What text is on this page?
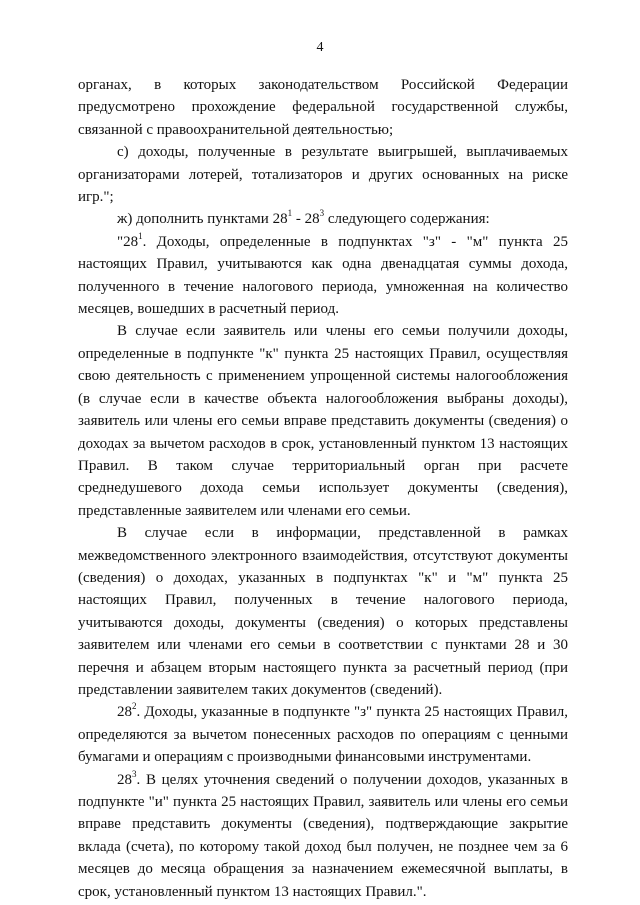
4

органах, в которых законодательством Российской Федерации предусмотрено прохождение федеральной государственной службы, связанной с правоохранительной деятельностью;

с) доходы, полученные в результате выигрышей, выплачиваемых организаторами лотерей, тотализаторов и других основанных на риске игр.";

ж) дополнить пунктами $28^1 - 28^3$ следующего содержания:

"$28^1$. Доходы, определенные в подпунктах "з" - "м" пункта 25 настоящих Правил, учитываются как одна двенадцатая суммы дохода, полученного в течение налогового периода, умноженная на количество месяцев, вошедших в расчетный период.

В случае если заявитель или члены его семьи получили доходы, определенные в подпункте "к" пункта 25 настоящих Правил, осуществляя свою деятельность с применением упрощенной системы налогообложения (в случае если в качестве объекта налогообложения выбраны доходы), заявитель или члены его семьи вправе представить документы (сведения) о доходах за вычетом расходов в срок, установленный пунктом 13 настоящих Правил. В таком случае территориальный орган при расчете среднедушевого дохода семьи использует документы (сведения), представленные заявителем или членами его семьи.

В случае если в информации, представленной в рамках межведомственного электронного взаимодействия, отсутствуют документы (сведения) о доходах, указанных в подпунктах "к" и "м" пункта 25 настоящих Правил, полученных в течение налогового периода, учитываются доходы, документы (сведения) о которых представлены заявителем или членами его семьи в соответствии с пунктами 28 и 30 перечня и абзацем вторым настоящего пункта за расчетный период (при представлении заявителем таких документов (сведений).

$28^2$. Доходы, указанные в подпункте "з" пункта 25 настоящих Правил, определяются за вычетом понесенных расходов по операциям с ценными бумагами и операциям с производными финансовыми инструментами.

$28^3$. В целях уточнения сведений о получении доходов, указанных в подпункте "и" пункта 25 настоящих Правил, заявитель или члены его семьи вправе представить документы (сведения), подтверждающие закрытие вклада (счета), по которому такой доход был получен, не позднее чем за 6 месяцев до месяца обращения за назначением ежемесячной выплаты, в срок, установленный пунктом 13 настоящих Правил.".
